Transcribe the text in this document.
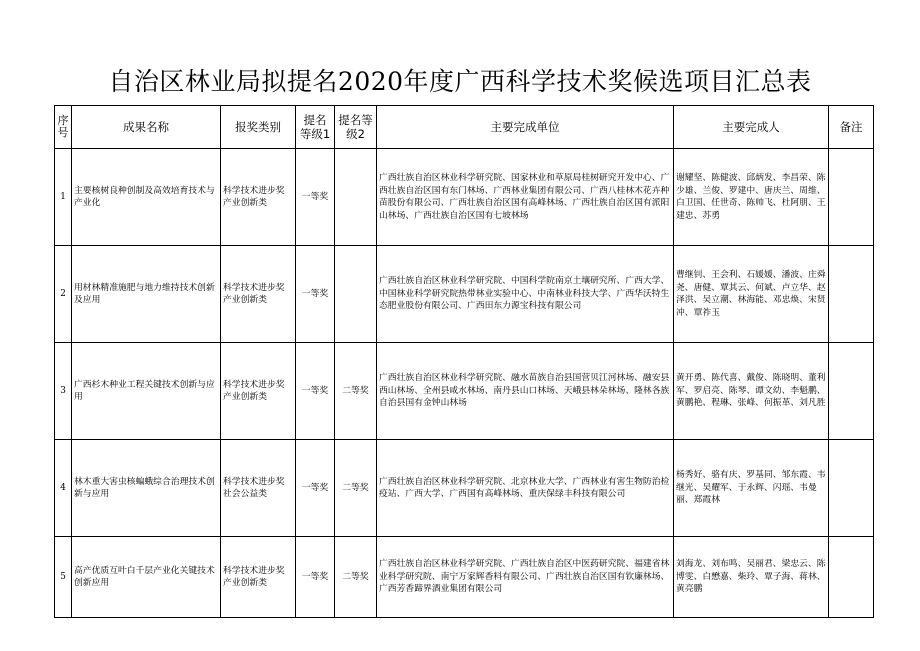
自治区林业局拟提名2020年度广西科学技术奖候选项目汇总表
序号	成果名称	报奖类别	提名等级1	提名等级2	主要完成单位	主要完成人	备注
1	主要核树良种创制及高效培育技术与产业化	科学技术进步奖产业创新类	一等奖		广西壮族自治区林业科学研究院、国家林业和草原局桂树研究开发中心、广西壮族自治区国有东门林场、广西林业集团有限公司、广西八桂林木花卉种苗股份有限公司、广西壮族自治区国有高峰林场、广西壮族自治区国有派阳山林场、广西壮族自治区国有七坡林场	谢耀坚、陈健波、邱炳发、李昌荣、陈少雄、兰俊、罗建中、唐庆兰、周维、白卫国、任世奇、陈帅飞、杜阿朋、王建忠、苏勇	
2	用材林精准施肥与地力维持技术创新及应用	科学技术进步奖产业创新类	一等奖		广西壮族自治区林业科学研究院、中国科学院南京土壤研究所、广西大学、中国林业科学研究院热带林业实验中心、中南林业科技大学、广西华沃特生态肥业股份有限公司、广西田东力源宝科技有限公司	曹继钊、王会利、石媛媛、潘波、庄舜尧、唐健、覃其云、何斌、卢立华、赵泽洪、吴立潮、林海能、邓忠焕、宋贤冲、覃祚玉	
3	广西杉木种业工程关键技术创新与应用	科学技术进步奖产业创新类	一等奖	二等奖	广西壮族自治区林业科学研究院、融水苗族自治县国营贝江河林场、融安县西山林场、全州县咸水林场、南丹县山口林场、天峨县林朵林场、隆林各族自治县国有金钟山林场	黄开勇、陈代喜、戴俊、陈晓明、董利军、罗启亮、陈琴、谭文幼、李魁鹏、黄鹏艳、程琳、张峰、何振革、刘凡胜	
4	林木重大害虫核蝙蛾综合治理技术创新与应用	科学技术进步奖社会公益类	一等奖	二等奖	广西壮族自治区林业科学研究院、北京林业大学、广西林业有害生物防治检疫站、广西大学、广西国有高峰林场、重庆保绿丰科技有限公司	杨秀好、骆有庆、罗基同、邹东霞、韦继光、吴耀军、于永辉、闪瑶、韦曼丽、郑霞林	
5	高产优质互叶白千层产业化关键技术创新应用	科学技术进步奖产业创新类	一等奖	二等奖	广西壮族自治区林业科学研究院、广西壮族自治区中医药研究院、福建省林业科学研究院、南宁万家辉香料有限公司、广西壮族自治区国有钦廉林场、广西芳香蹄界酒业集团有限公司	刘海龙、刘布鸣、吴丽君、梁忠云、陈博雯、白懋嘉、柴玲、覃子海、蒋林、黄亮鹏	
